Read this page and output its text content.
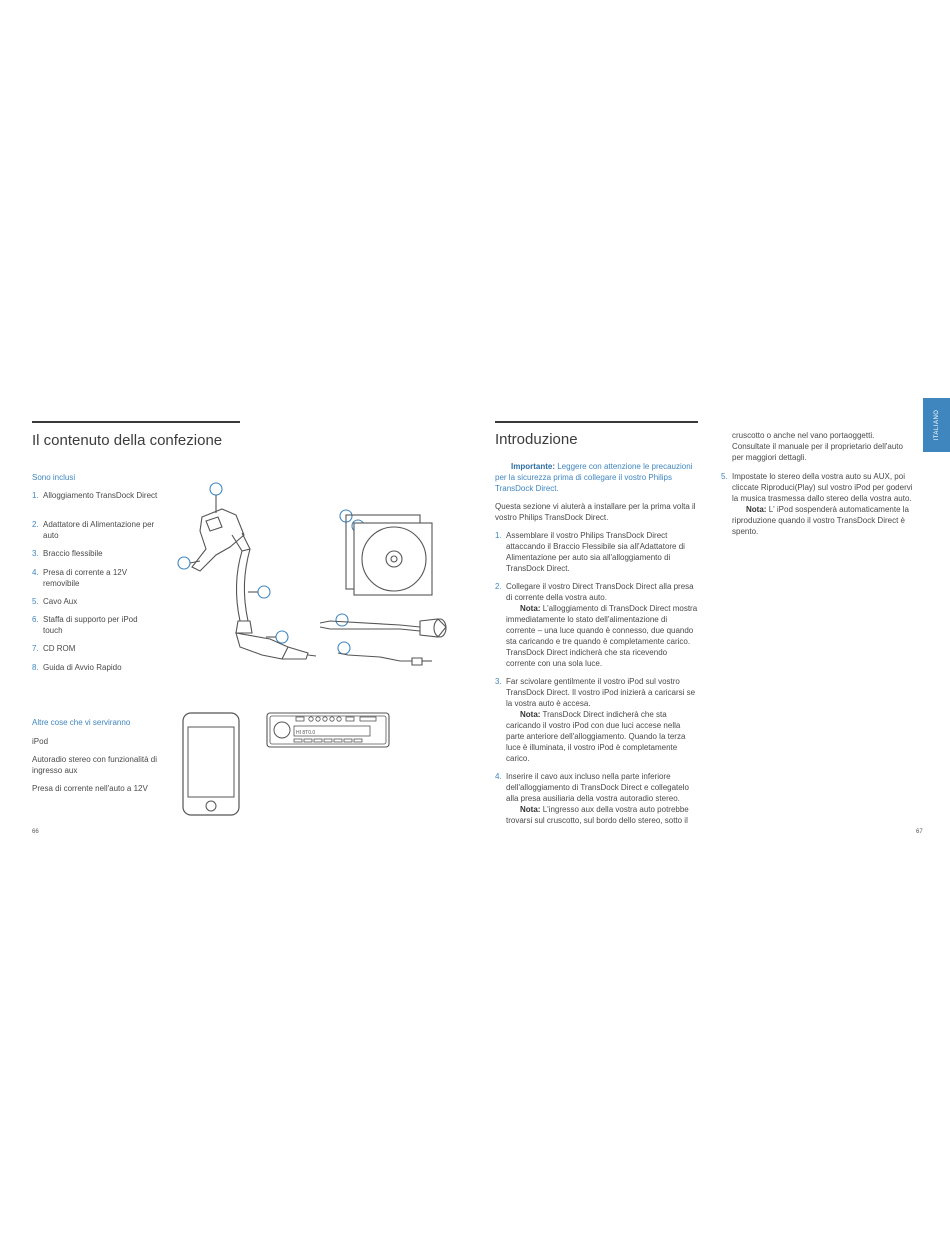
Il contenuto della confezione
Sono inclusi
1. Alloggiamento TransDock Direct
2. Adattatore di Alimentazione per auto
3. Braccio flessibile
4. Presa di corrente a 12V removibile
5. Cavo Aux
6. Staffa di supporto per iPod touch
7. CD ROM
8. Guida di Avvio Rapido
Altre cose che vi serviranno
iPod
Autoradio stereo con funzionalità di ingresso aux
Presa di corrente nell'auto a 12V
HI 8T0.0
66
Introduzione

Importante: Leggere con attenzione le precauzioni per la sicurezza prima di collegare il vostro Philips TransDock Direct.

Questa sezione vi aiuterà a installare per la prima volta il vostro Philips TransDock Direct.
1. Assemblare il vostro Philips TransDock Direct attaccando il Braccio Flessibile sia all'Adattatore di Alimentazione per auto sia all'alloggiamento di TransDock Direct.
2. Collegare il vostro Direct TransDock Direct alla presa di corrente della vostra auto.
Nota: L'alloggiamento di TransDock Direct mostra immediatamente lo stato dell'alimentazione di corrente – una luce quando è connesso, due quando sta caricando e tre quando è completamente carico. TransDock Direct indicherà che sta ricevendo corrente con una sola luce.
3. Far scivolare gentilmente il vostro iPod sul vostro TransDock Direct. Il vostro iPod inizierà a caricarsi se la vostra auto è accesa.
Nota: TransDock Direct indicherà che sta caricando il vostro iPod con due luci accese nella parte anteriore dell'alloggiamento. Quando la terza luce è illuminata, il vostro iPod è completamente carico.
4. Inserire il cavo aux incluso nella parte inferiore dell'alloggiamento di TransDock Direct e collegatelo alla presa ausiliaria della vostra autoradio stereo.
Nota: L'ingresso aux della vostra auto potrebbe trovarsi sul cruscotto, sul bordo dello stereo, sotto il
cruscotto o anche nel vano portaoggetti. Consultate il manuale per il proprietario dell'auto per maggiori dettagli.
5. Impostate lo stereo della vostra auto su AUX, poi cliccate Riproduci(Play) sul vostro iPod per godervi la musica trasmessa dallo stereo della vostra auto.
Nota: L' iPod sospenderà automaticamente la riproduzione quando il vostro TransDock Direct è spento.
ITALIANO
67
